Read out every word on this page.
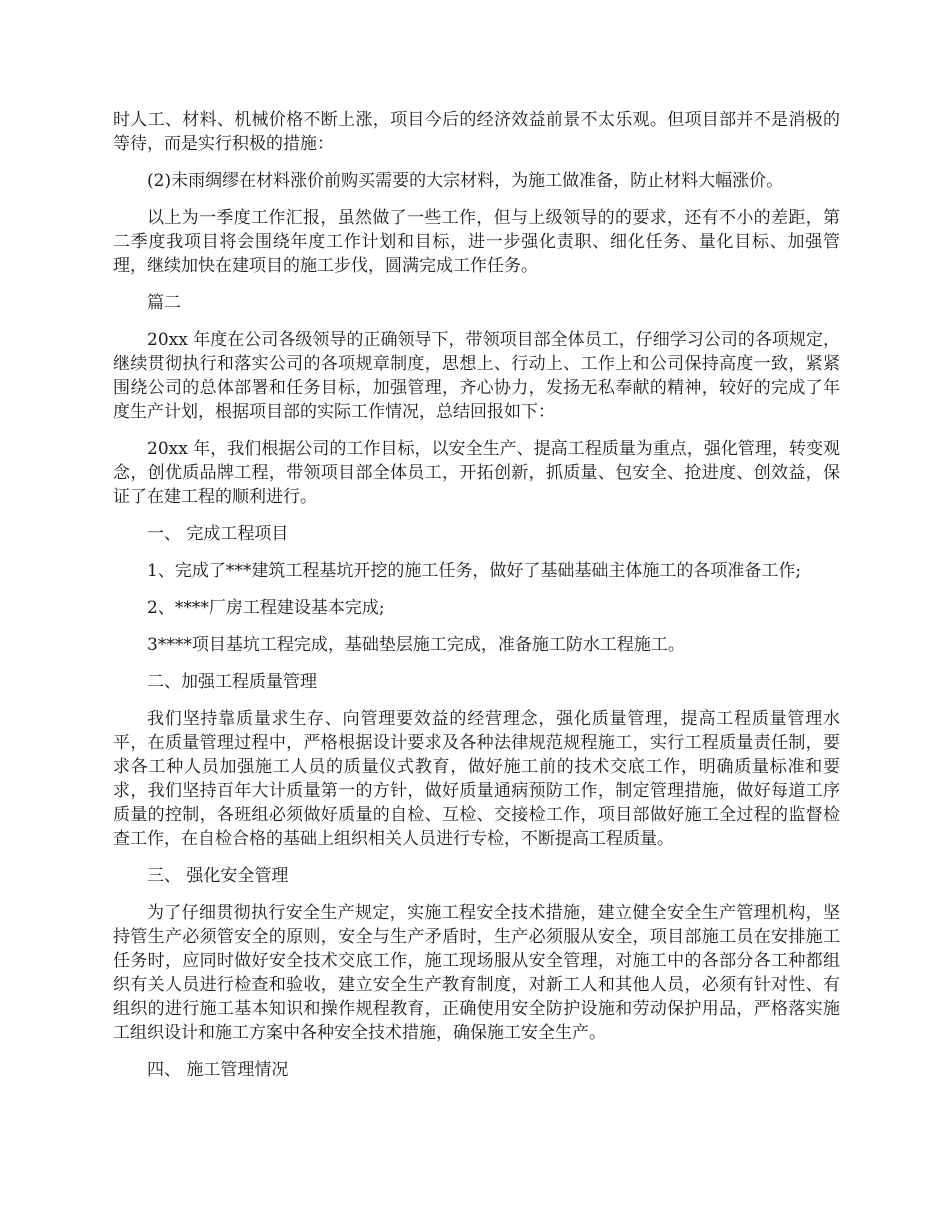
时人工、材料、机械价格不断上涨，项目今后的经济效益前景不太乐观。但项目部并不是消极的等待，而是实行积极的措施：

(2)未雨绸缪在材料涨价前购买需要的大宗材料，为施工做准备，防止材料大幅涨价。

以上为一季度工作汇报，虽然做了一些工作，但与上级领导的的要求，还有不小的差距，第二季度我项目将会围绕年度工作计划和目标，进一步强化责职、细化任务、量化目标、加强管理，继续加快在建项目的施工步伐，圆满完成工作任务。

篇二

20xx 年度在公司各级领导的正确领导下，带领项目部全体员工，仔细学习公司的各项规定，继续贯彻执行和落实公司的各项规章制度，思想上、行动上、工作上和公司保持高度一致，紧紧围绕公司的总体部署和任务目标，加强管理，齐心协力，发扬无私奉献的精神，较好的完成了年度生产计划，根据项目部的实际工作情况，总结回报如下：

20xx 年，我们根据公司的工作目标，以安全生产、提高工程质量为重点，强化管理，转变观念，创优质品牌工程，带领项目部全体员工，开拓创新，抓质量、包安全、抢进度、创效益，保证了在建工程的顺利进行。

一、 完成工程项目

1、完成了***建筑工程基坑开挖的施工任务，做好了基础基础主体施工的各项准备工作;

2、****厂房工程建设基本完成;

3****项目基坑工程完成，基础垫层施工完成，准备施工防水工程施工。

二、加强工程质量管理

我们坚持靠质量求生存、向管理要效益的经营理念，强化质量管理，提高工程质量管理水平，在质量管理过程中，严格根据设计要求及各种法律规范规程施工，实行工程质量责任制，要求各工种人员加强施工人员的质量仪式教育，做好施工前的技术交底工作，明确质量标准和要求，我们坚持百年大计质量第一的方针，做好质量通病预防工作，制定管理措施，做好每道工序质量的控制，各班组必须做好质量的自检、互检、交接检工作，项目部做好施工全过程的监督检查工作，在自检合格的基础上组织相关人员进行专检，不断提高工程质量。

三、 强化安全管理

为了仔细贯彻执行安全生产规定，实施工程安全技术措施，建立健全安全生产管理机构，坚持管生产必须管安全的原则，安全与生产矛盾时，生产必须服从安全，项目部施工员在安排施工任务时，应同时做好安全技术交底工作，施工现场服从安全管理，对施工中的各部分各工种都组织有关人员进行检查和验收，建立安全生产教育制度，对新工人和其他人员，必须有针对性、有组织的进行施工基本知识和操作规程教育，正确使用安全防护设施和劳动保护用品，严格落实施工组织设计和施工方案中各种安全技术措施，确保施工安全生产。

四、 施工管理情况
